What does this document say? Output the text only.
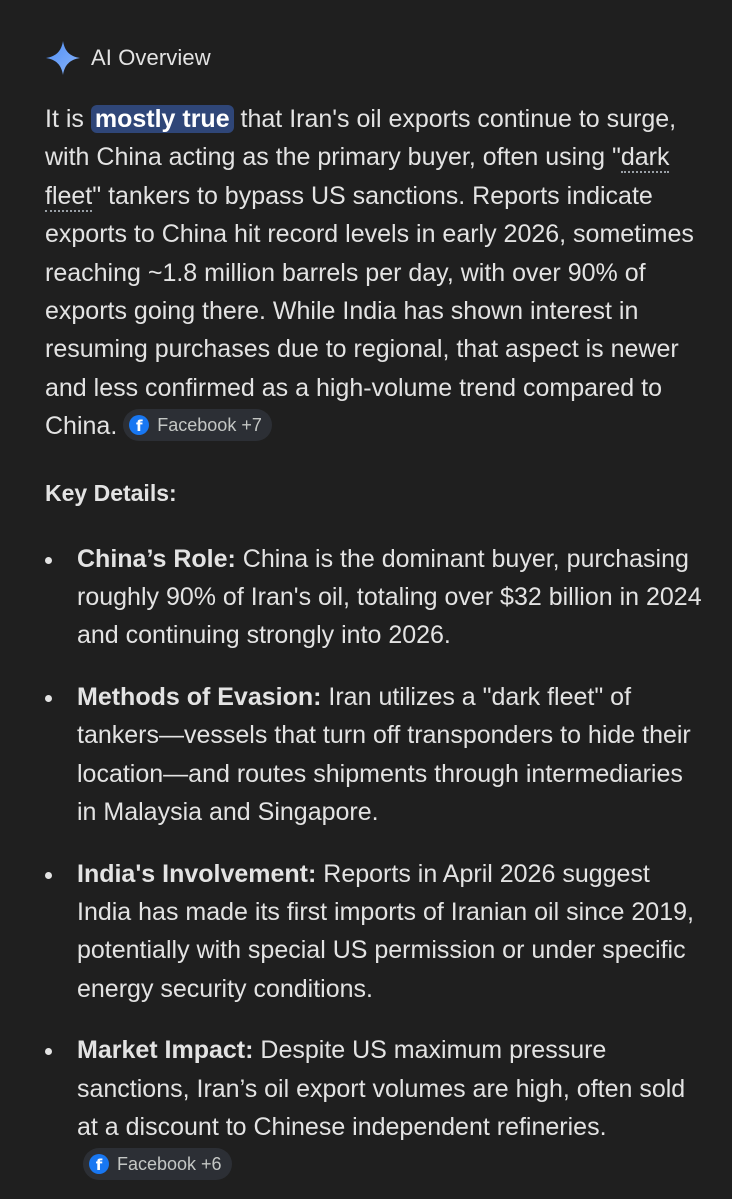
AI Overview
It is mostly true that Iran's oil exports continue to surge, with China acting as the primary buyer, often using "dark fleet" tankers to bypass US sanctions. Reports indicate exports to China hit record levels in early 2026, sometimes reaching ~1.8 million barrels per day, with over 90% of exports going there. While India has shown interest in resuming purchases due to regional, that aspect is newer and less confirmed as a high-volume trend compared to China.	f Facebook +7
Key Details:
China’s Role: China is the dominant buyer, purchasing roughly 90% of Iran's oil, totaling over $32 billion in 2024 and continuing strongly into 2026.
Methods of Evasion: Iran utilizes a "dark fleet" of tankers—vessels that turn off transponders to hide their location—and routes shipments through intermediaries in Malaysia and Singapore.
India's Involvement: Reports in April 2026 suggest India has made its first imports of Iranian oil since 2019, potentially with special US permission or under specific energy security conditions.
Market Impact: Despite US maximum pressure sanctions, Iran’s oil export volumes are high, often sold at a discount to Chinese independent refineries.
f Facebook +6
